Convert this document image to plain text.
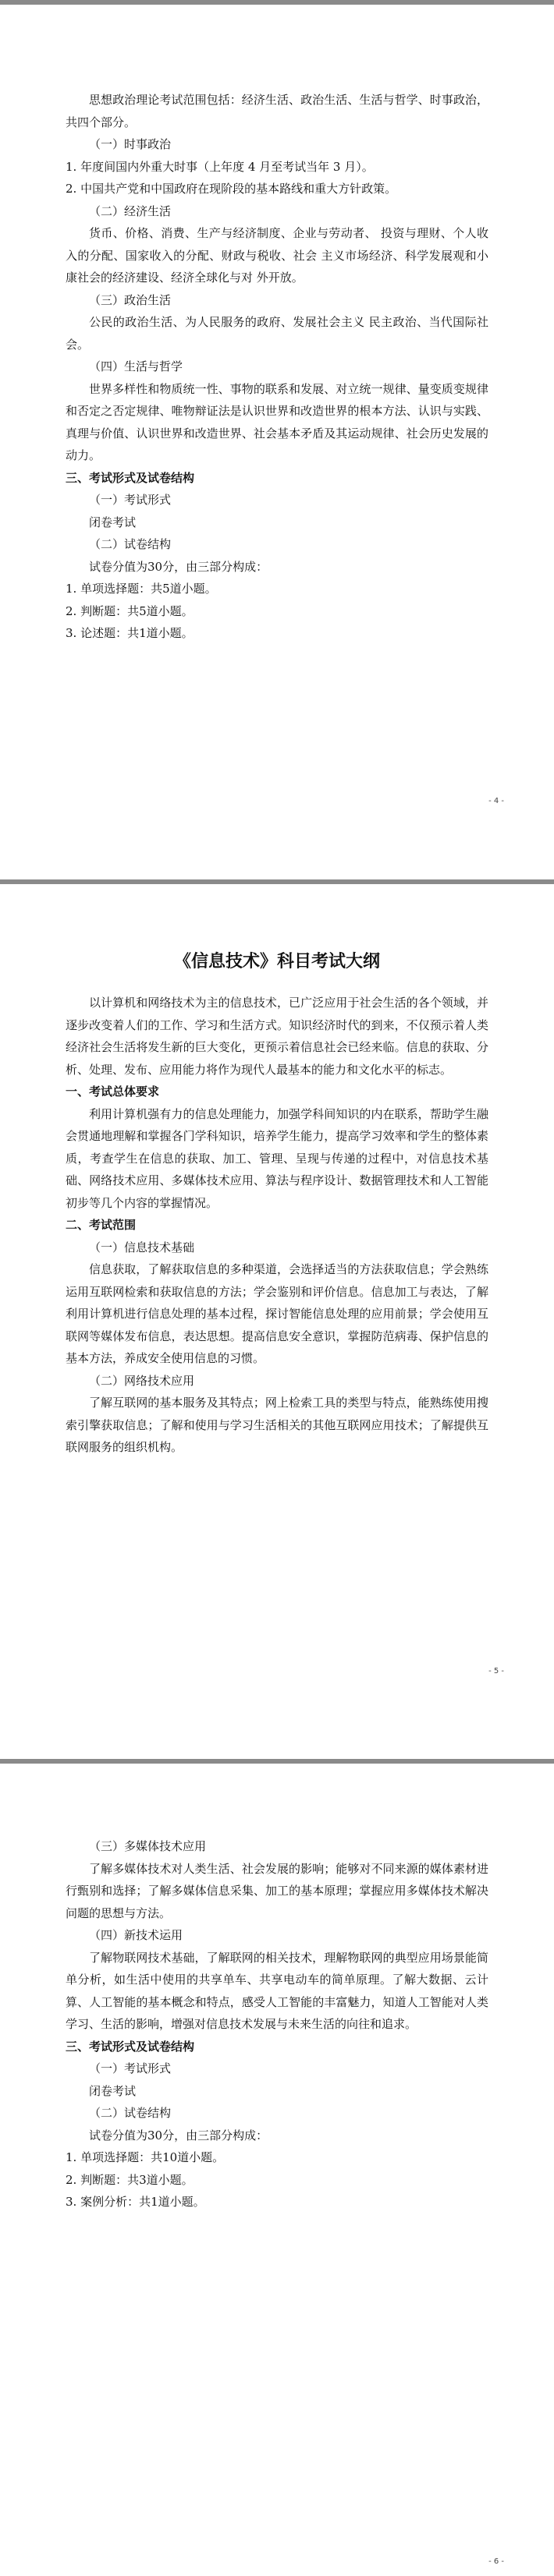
思想政治理论考试范围包括：经济生活、政治生活、生活与哲学、时事政治，共四个部分。

（一）时事政治

1. 年度间国内外重大时事（上年度 4 月至考试当年 3 月）。

2. 中国共产党和中国政府在现阶段的基本路线和重大方针政策。

（二）经济生活

货币、价格、消费、生产与经济制度、企业与劳动者、 投资与理财、个人收入的分配、国家收入的分配、财政与税收、社会 主义市场经济、科学发展观和小康社会的经济建设、经济全球化与对 外开放。

（三）政治生活

公民的政治生活、为人民服务的政府、发展社会主义 民主政治、当代国际社会。

（四）生活与哲学

世界多样性和物质统一性、事物的联系和发展、对立统一规律、量变质变规律和否定之否定规律、唯物辩证法是认识世界和改造世界的根本方法、认识与实践、真理与价值、认识世界和改造世界、社会基本矛盾及其运动规律、社会历史发展的动力。

三、考试形式及试卷结构

（一）考试形式

闭卷考试

（二）试卷结构

试卷分值为30分，由三部分构成：

1. 单项选择题：共5道小题。

2. 判断题：共5道小题。

3. 论述题：共1道小题。

- 4 -
《信息技术》科目考试大纲

以计算机和网络技术为主的信息技术，已广泛应用于社会生活的各个领域，并逐步改变着人们的工作、学习和生活方式。知识经济时代的到来，不仅预示着人类经济社会生活将发生新的巨大变化，更预示着信息社会已经来临。信息的获取、分析、处理、发布、应用能力将作为现代人最基本的能力和文化水平的标志。

一、考试总体要求

利用计算机强有力的信息处理能力，加强学科间知识的内在联系，帮助学生融会贯通地理解和掌握各门学科知识，培养学生能力，提高学习效率和学生的整体素质，考查学生在信息的获取、加工、管理、呈现与传递的过程中，对信息技术基础、网络技术应用、多媒体技术应用、算法与程序设计、数据管理技术和人工智能初步等几个内容的掌握情况。

二、考试范围

（一）信息技术基础

信息获取，了解获取信息的多种渠道，会选择适当的方法获取信息；学会熟练运用互联网检索和获取信息的方法；学会鉴别和评价信息。信息加工与表达，了解利用计算机进行信息处理的基本过程，探讨智能信息处理的应用前景；学会使用互联网等媒体发布信息，表达思想。提高信息安全意识，掌握防范病毒、保护信息的基本方法，养成安全使用信息的习惯。

（二）网络技术应用

了解互联网的基本服务及其特点；网上检索工具的类型与特点，能熟练使用搜索引擎获取信息；了解和使用与学习生活相关的其他互联网应用技术；了解提供互联网服务的组织机构。

- 5 -

（三）多媒体技术应用

了解多媒体技术对人类生活、社会发展的影响；能够对不同来源的媒体素材进行甄别和选择；了解多媒体信息采集、加工的基本原理；掌握应用多媒体技术解决问题的思想与方法。

（四）新技术运用

了解物联网技术基础，了解联网的相关技术，理解物联网的典型应用场景能简单分析，如生活中使用的共享单车、共享电动车的简单原理。了解大数据、云计算、人工智能的基本概念和特点，感受人工智能的丰富魅力，知道人工智能对人类学习、生活的影响，增强对信息技术发展与未来生活的向往和追求。

三、考试形式及试卷结构

（一）考试形式

闭卷考试

（二）试卷结构

试卷分值为30分，由三部分构成：

1. 单项选择题：共10道小题。

2. 判断题：共3道小题。

3. 案例分析：共1道小题。

- 6 -
